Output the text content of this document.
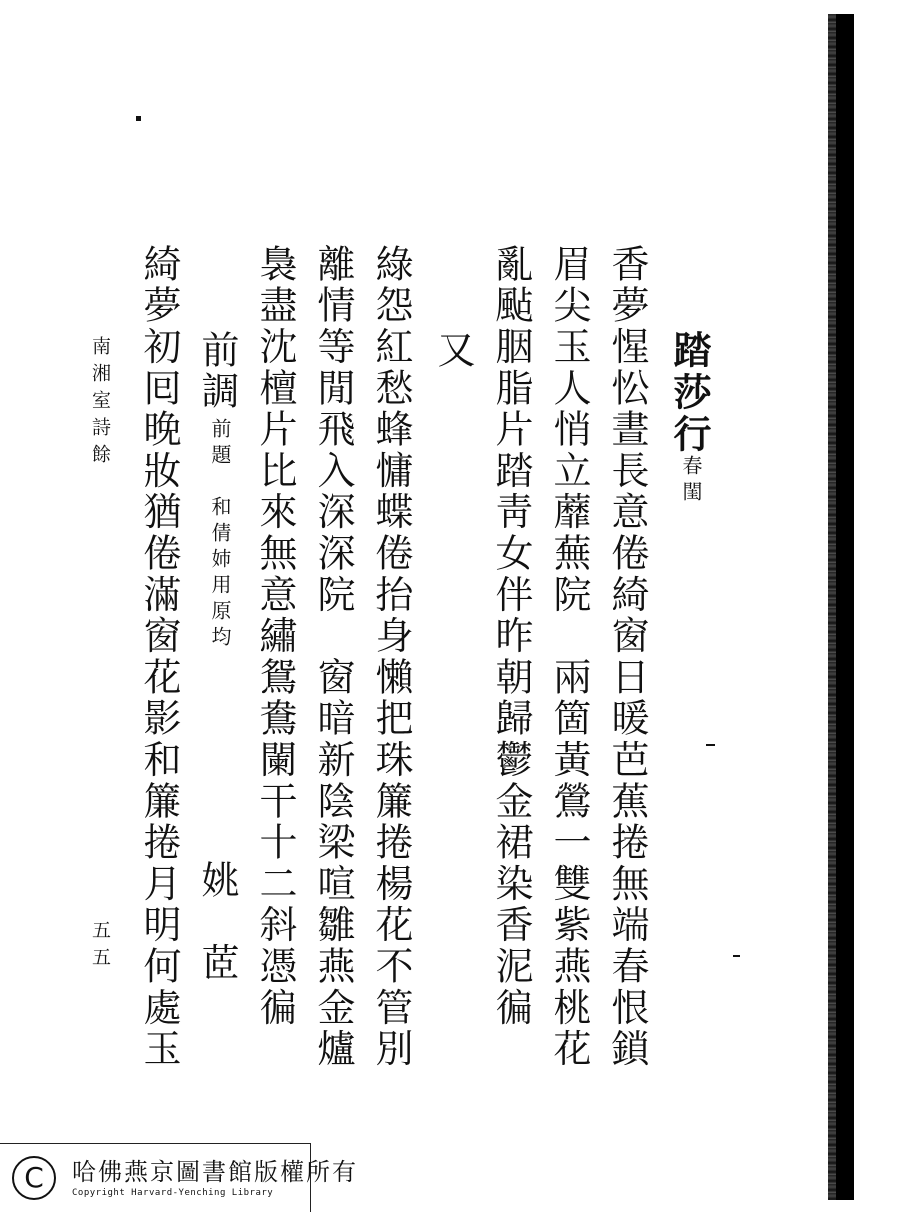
踏莎行
春閨
香夢惺忪晝長意倦綺窗日暖芭蕉捲無端春恨鎖
眉尖玉人悄立蘼蕪院　兩箇黃鶯一雙紫燕桃花
亂颭胭脂片踏靑女伴昨朝歸鬱金裙染香泥徧
又
綠怨紅愁蜂慵蝶倦抬身懶把珠簾捲楊花不管別
離情等閒飛入深深院　窗暗新陰梁喧雛燕金爐
裊盡沈檀片比來無意繡鴛鴦闌干十二斜憑徧
前調
前題　和倩姉用原均
姚　茝
綺夢初囘晚妝猶倦滿窗花影和簾捲月明何處玉
南湘室詩餘
五五
C	哈佛燕京圖書館版權所有
Copyright Harvard-Yenching Library
